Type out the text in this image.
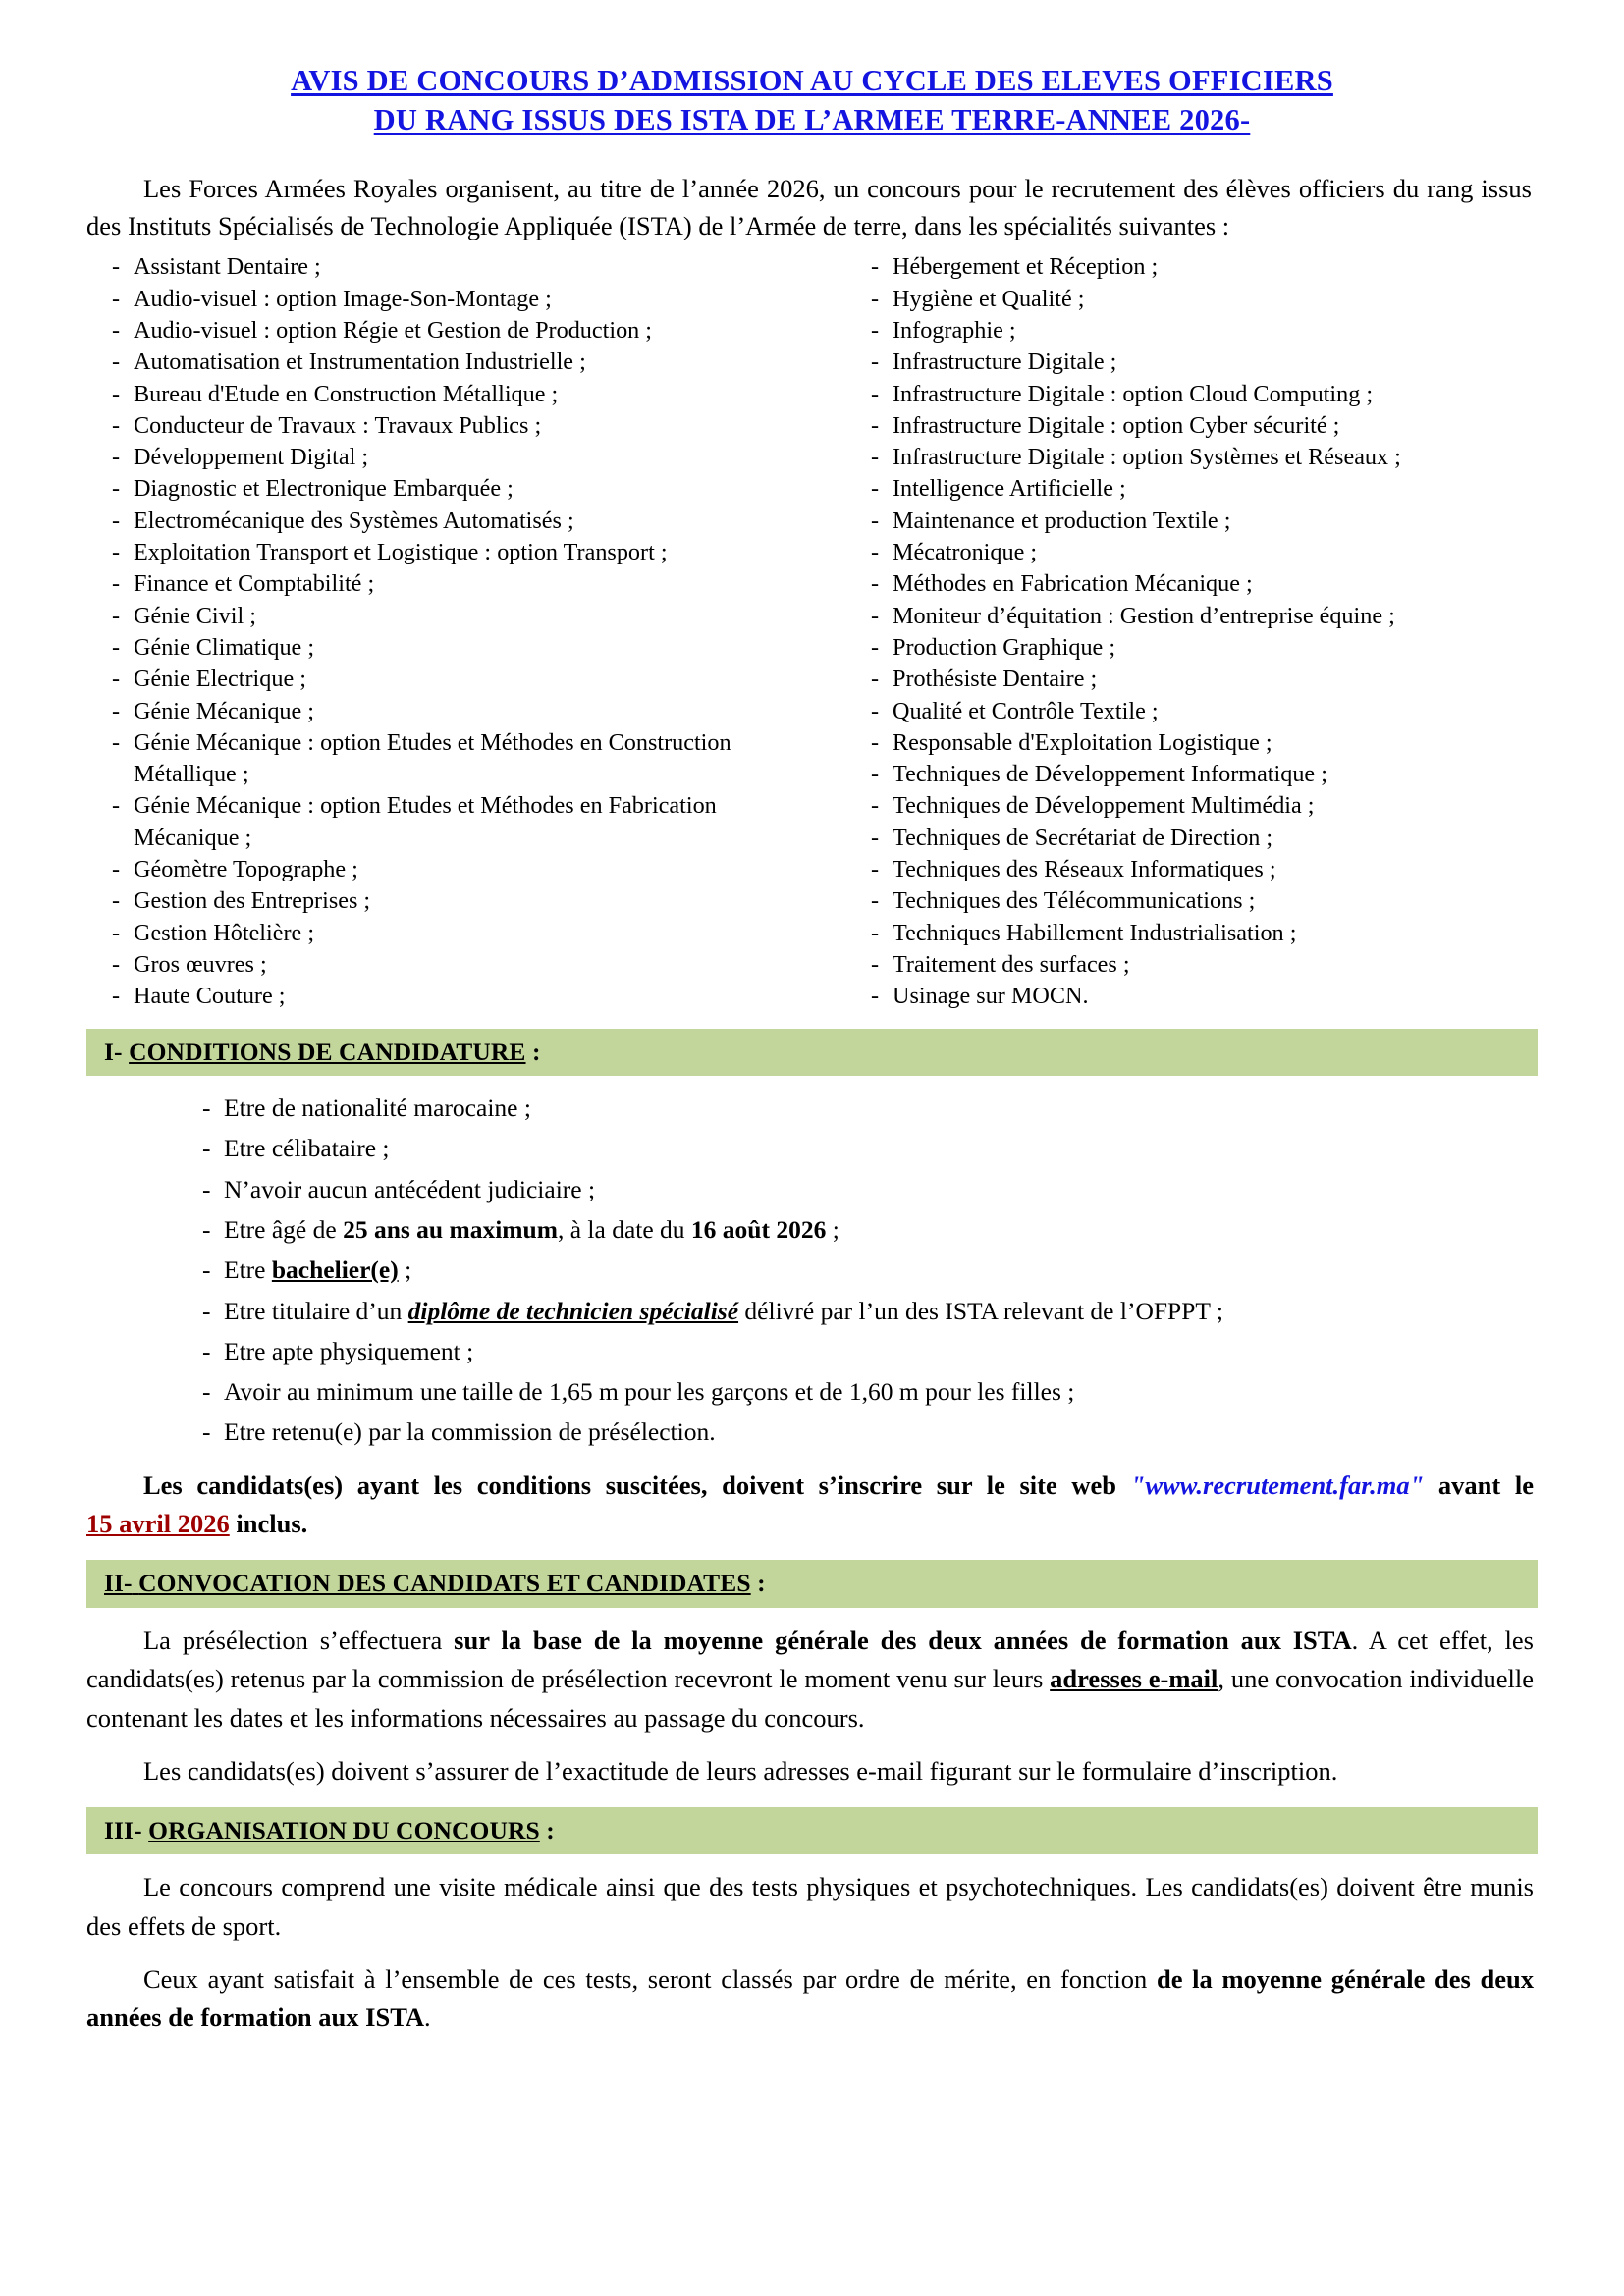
AVIS DE CONCOURS D’ADMISSION AU CYCLE DES ELEVES OFFICIERS
DU RANG ISSUS DES ISTA DE L’ARMEE TERRE-ANNEE 2026-

Les Forces Armées Royales organisent, au titre de l’année 2026, un concours pour le recrutement des élèves officiers du rang issus des Instituts Spécialisés de Technologie Appliquée (ISTA) de l’Armée de terre, dans les spécialités suivantes :

- Assistant Dentaire ;
- Audio-visuel : option Image-Son-Montage ;
- Audio-visuel : option Régie et Gestion de Production ;
- Automatisation et Instrumentation Industrielle ;
- Bureau d'Etude en Construction Métallique ;
- Conducteur de Travaux : Travaux Publics ;
- Développement Digital ;
- Diagnostic et Electronique Embarquée ;
- Electromécanique des Systèmes Automatisés ;
- Exploitation Transport et Logistique : option Transport ;
- Finance et Comptabilité ;
- Génie Civil ;
- Génie Climatique ;
- Génie Electrique ;
- Génie Mécanique ;
- Génie Mécanique : option Etudes et Méthodes en Construction Métallique ;
- Génie Mécanique : option Etudes et Méthodes en Fabrication Mécanique ;
- Géomètre Topographe ;
- Gestion des Entreprises ;
- Gestion Hôtelière ;
- Gros œuvres ;
- Haute Couture ;
- Hébergement et Réception ;
- Hygiène et Qualité ;
- Infographie ;
- Infrastructure Digitale ;
- Infrastructure Digitale : option Cloud Computing ;
- Infrastructure Digitale : option Cyber sécurité ;
- Infrastructure Digitale : option Systèmes et Réseaux ;
- Intelligence Artificielle ;
- Maintenance et production Textile ;
- Mécatronique ;
- Méthodes en Fabrication Mécanique ;
- Moniteur d’équitation : Gestion d’entreprise équine ;
- Production Graphique ;
- Prothésiste Dentaire ;
- Qualité et Contrôle Textile ;
- Responsable d'Exploitation Logistique ;
- Techniques de Développement Informatique ;
- Techniques de Développement Multimédia ;
- Techniques de Secrétariat de Direction ;
- Techniques des Réseaux Informatiques ;
- Techniques des Télécommunications ;
- Techniques Habillement Industrialisation ;
- Traitement des surfaces ;
- Usinage sur MOCN.
I- CONDITIONS DE CANDIDATURE :
- Etre de nationalité marocaine ;
- Etre célibataire ;
- N’avoir aucun antécédent judiciaire ;
- Etre âgé de 25 ans au maximum, à la date du 16 août 2026 ;
- Etre bachelier(e) ;
- Etre titulaire d’un diplôme de technicien spécialisé délivré par l’un des ISTA relevant de l’OFPPT ;
- Etre apte physiquement ;
- Avoir au minimum une taille de 1,65 m pour les garçons et de 1,60 m pour les filles ;
- Etre retenu(e) par la commission de présélection.

Les candidats(es) ayant les conditions suscitées, doivent s’inscrire sur le site web "www.recrutement.far.ma" avant le 15 avril 2026 inclus.

II- CONVOCATION DES CANDIDATS ET CANDIDATES :

La présélection s’effectuera sur la base de la moyenne générale des deux années de formation aux ISTA. A cet effet, les candidats(es) retenus par la commission de présélection recevront le moment venu sur leurs adresses e-mail, une convocation individuelle contenant les dates et les informations nécessaires au passage du concours.

Les candidats(es) doivent s’assurer de l’exactitude de leurs adresses e-mail figurant sur le formulaire d’inscription.

III- ORGANISATION DU CONCOURS :

Le concours comprend une visite médicale ainsi que des tests physiques et psychotechniques. Les candidats(es) doivent être munis des effets de sport.

Ceux ayant satisfait à l’ensemble de ces tests, seront classés par ordre de mérite, en fonction de la moyenne générale des deux années de formation aux ISTA.
